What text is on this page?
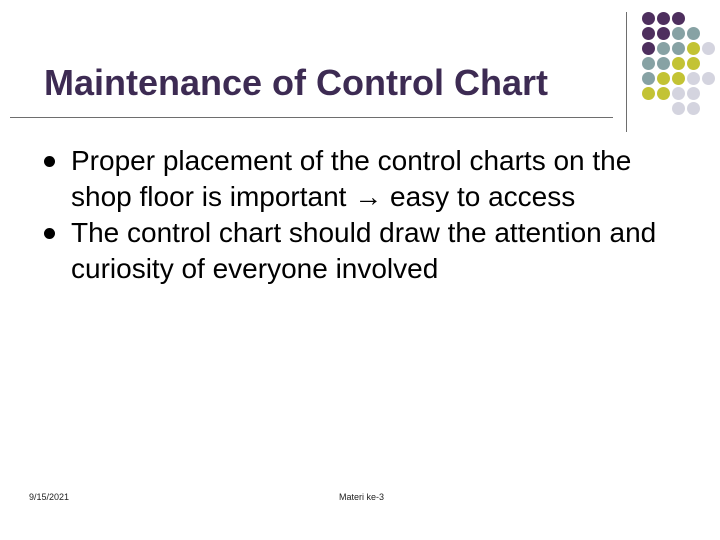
Maintenance of Control Chart
Proper placement of the control charts on the shop floor is important → easy to access
The control chart should draw the attention and curiosity of everyone involved
9/15/2021	Materi ke-3
